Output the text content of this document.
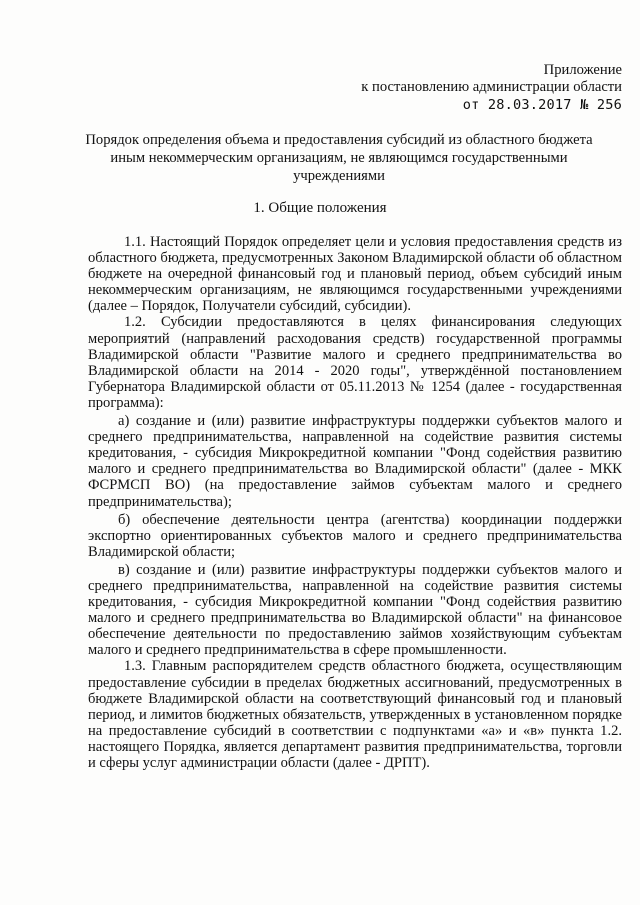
Приложение
к постановлению администрации области
от 28.03.2017 № 256
Порядок определения объема и предоставления субсидий из областного бюджета иным некоммерческим организациям, не являющимся государственными учреждениями
1. Общие положения

1.1. Настоящий Порядок определяет цели и условия предоставления средств из областного бюджета, предусмотренных Законом Владимирской области об областном бюджете на очередной финансовый год и плановый период, объем субсидий иным некоммерческим организациям, не являющимся государственными учреждениями (далее – Порядок, Получатели субсидий, субсидии).

1.2. Субсидии предоставляются в целях финансирования следующих мероприятий (направлений расходования средств) государственной программы Владимирской области "Развитие малого и среднего предпринимательства во Владимирской области на 2014 - 2020 годы", утверждённой постановлением Губернатора Владимирской области от 05.11.2013 № 1254 (далее - государственная программа):

а) создание и (или) развитие инфраструктуры поддержки субъектов малого и среднего предпринимательства, направленной на содействие развития системы кредитования, - субсидия Микрокредитной компании "Фонд содействия развитию малого и среднего предпринимательства во Владимирской области" (далее - МКК ФСРМСП ВО) (на предоставление займов субъектам малого и среднего предпринимательства);

б) обеспечение деятельности центра (агентства) координации поддержки экспортно ориентированных субъектов малого и среднего предпринимательства Владимирской области;

в) создание и (или) развитие инфраструктуры поддержки субъектов малого и среднего предпринимательства, направленной на содействие развития системы кредитования, - субсидия Микрокредитной компании "Фонд содействия развитию малого и среднего предпринимательства во Владимирской области" на финансовое обеспечение деятельности по предоставлению займов хозяйствующим субъектам малого и среднего предпринимательства в сфере промышленности.

1.3. Главным распорядителем средств областного бюджета, осуществляющим предоставление субсидии в пределах бюджетных ассигнований, предусмотренных в бюджете Владимирской области на соответствующий финансовый год и плановый период, и лимитов бюджетных обязательств, утвержденных в установленном порядке на предоставление субсидий в соответствии с подпунктами «а» и «в» пункта 1.2. настоящего Порядка, является департамент развития предпринимательства, торговли и сферы услуг администрации области (далее - ДРПТ).
